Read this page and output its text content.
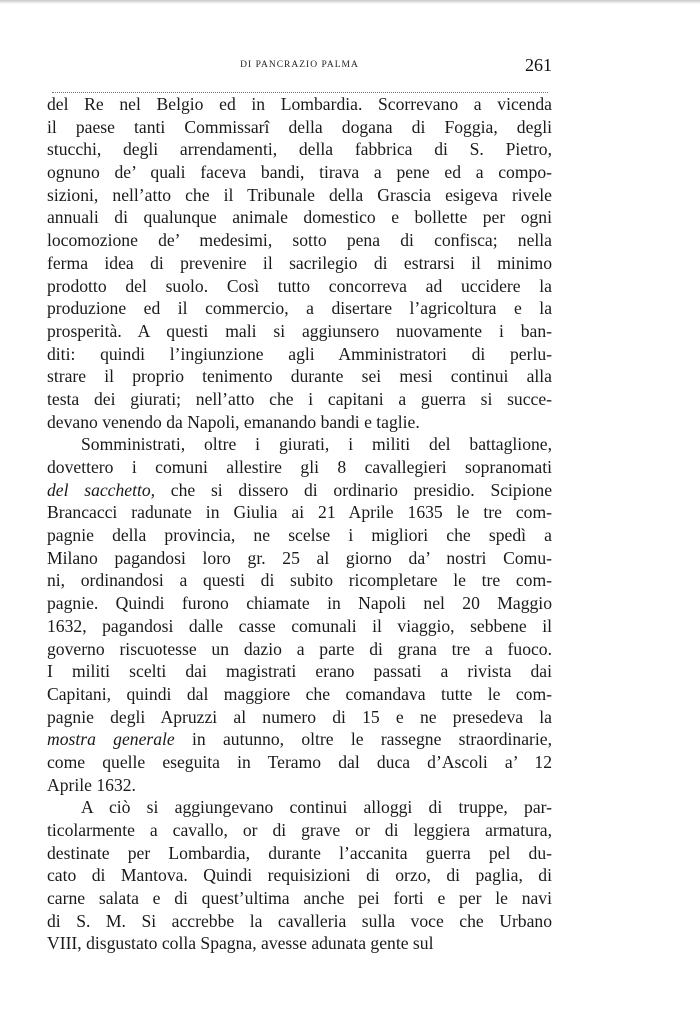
DI PANCRAZIO PALMA	261
del Re nel Belgio ed in Lombardia. Scorrevano a vicenda
il paese tanti Commissarî della dogana di Foggia, degli
stucchi, degli arrendamenti, della fabbrica di S. Pietro,
ognuno de’ quali faceva bandi, tirava a pene ed a compo-
sizioni, nell’atto che il Tribunale della Grascia esigeva rivele
annuali di qualunque animale domestico e bollette per ogni
locomozione de’ medesimi, sotto pena di confisca; nella
ferma idea di prevenire il sacrilegio di estrarsi il minimo
prodotto del suolo. Così tutto concorreva ad uccidere la
produzione ed il commercio, a disertare l’agricoltura e la
prosperità. A questi mali si aggiunsero nuovamente i ban-
diti: quindi l’ingiunzione agli Amministratori di perlu-
strare il proprio tenimento durante sei mesi continui alla
testa dei giurati; nell’atto che i capitani a guerra si succe-
devano venendo da Napoli, emanando bandi e taglie.
Somministrati, oltre i giurati, i militi del battaglione,
dovettero i comuni allestire gli 8 cavallegieri sopranomati
del sacchetto, che si dissero di ordinario presidio. Scipione
Brancacci radunate in Giulia ai 21 Aprile 1635 le tre com-
pagnie della provincia, ne scelse i migliori che spedì a
Milano pagandosi loro gr. 25 al giorno da’ nostri Comu-
ni, ordinandosi a questi di subito ricompletare le tre com-
pagnie. Quindi furono chiamate in Napoli nel 20 Maggio
1632, pagandosi dalle casse comunali il viaggio, sebbene il
governo riscuotesse un dazio a parte di grana tre a fuoco.
I militi scelti dai magistrati erano passati a rivista dai
Capitani, quindi dal maggiore che comandava tutte le com-
pagnie degli Apruzzi al numero di 15 e ne presedeva la
mostra generale in autunno, oltre le rassegne straordinarie,
come quelle eseguita in Teramo dal duca d’Ascoli a’ 12
Aprile 1632.
A ciò si aggiungevano continui alloggi di truppe, par-
ticolarmente a cavallo, or di grave or di leggiera armatura,
destinate per Lombardia, durante l’accanita guerra pel du-
cato di Mantova. Quindi requisizioni di orzo, di paglia, di
carne salata e di quest’ultima anche pei forti e per le navi
di S. M. Si accrebbe la cavalleria sulla voce che Urbano
VIII, disgustato colla Spagna, avesse adunata gente sul
